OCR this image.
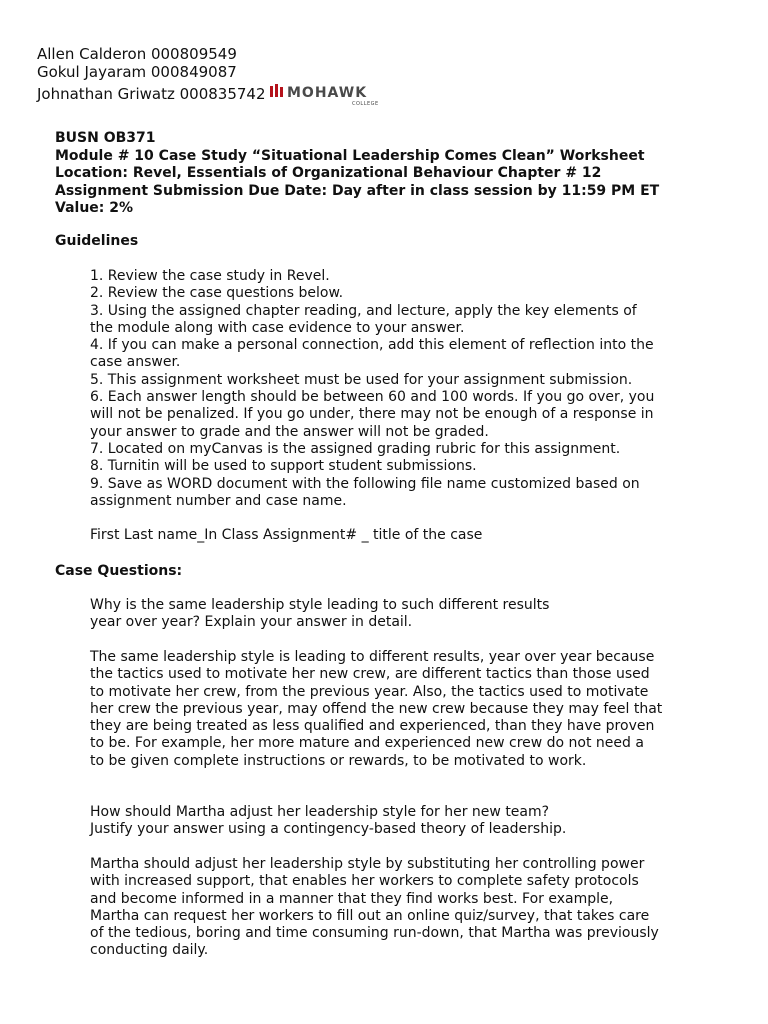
Allen Calderon 000809549
Gokul Jayaram 000849087
Johnathan Griwatz 000835742 MOHAWK
COLLEGE
BUSN OB371
Module # 10 Case Study “Situational Leadership Comes Clean” Worksheet
Location: Revel, Essentials of Organizational Behaviour Chapter # 12
Assignment Submission Due Date: Day after in class session by 11:59 PM ET
Value: 2%
Guidelines
1. Review the case study in Revel.
2. Review the case questions below.
3. Using the assigned chapter reading, and lecture, apply the key elements of
the module along with case evidence to your answer.
4. If you can make a personal connection, add this element of reflection into the
case answer.
5. This assignment worksheet must be used for your assignment submission.
6. Each answer length should be between 60 and 100 words. If you go over, you
will not be penalized. If you go under, there may not be enough of a response in
your answer to grade and the answer will not be graded.
7. Located on myCanvas is the assigned grading rubric for this assignment.
8. Turnitin will be used to support student submissions.
9. Save as WORD document with the following file name customized based on
assignment number and case name.
First Last name_In Class Assignment# _ title of the case
Case Questions:
Why is the same leadership style leading to such different results
year over year? Explain your answer in detail.
The same leadership style is leading to different results, year over year because
the tactics used to motivate her new crew, are different tactics than those used
to motivate her crew, from the previous year. Also, the tactics used to motivate
her crew the previous year, may offend the new crew because they may feel that
they are being treated as less qualified and experienced, than they have proven
to be. For example, her more mature and experienced new crew do not need a
to be given complete instructions or rewards, to be motivated to work.
How should Martha adjust her leadership style for her new team?
Justify your answer using a contingency-based theory of leadership.
Martha should adjust her leadership style by substituting her controlling power
with increased support, that enables her workers to complete safety protocols
and become informed in a manner that they find works best. For example,
Martha can request her workers to fill out an online quiz/survey, that takes care
of the tedious, boring and time consuming run-down, that Martha was previously
conducting daily.
